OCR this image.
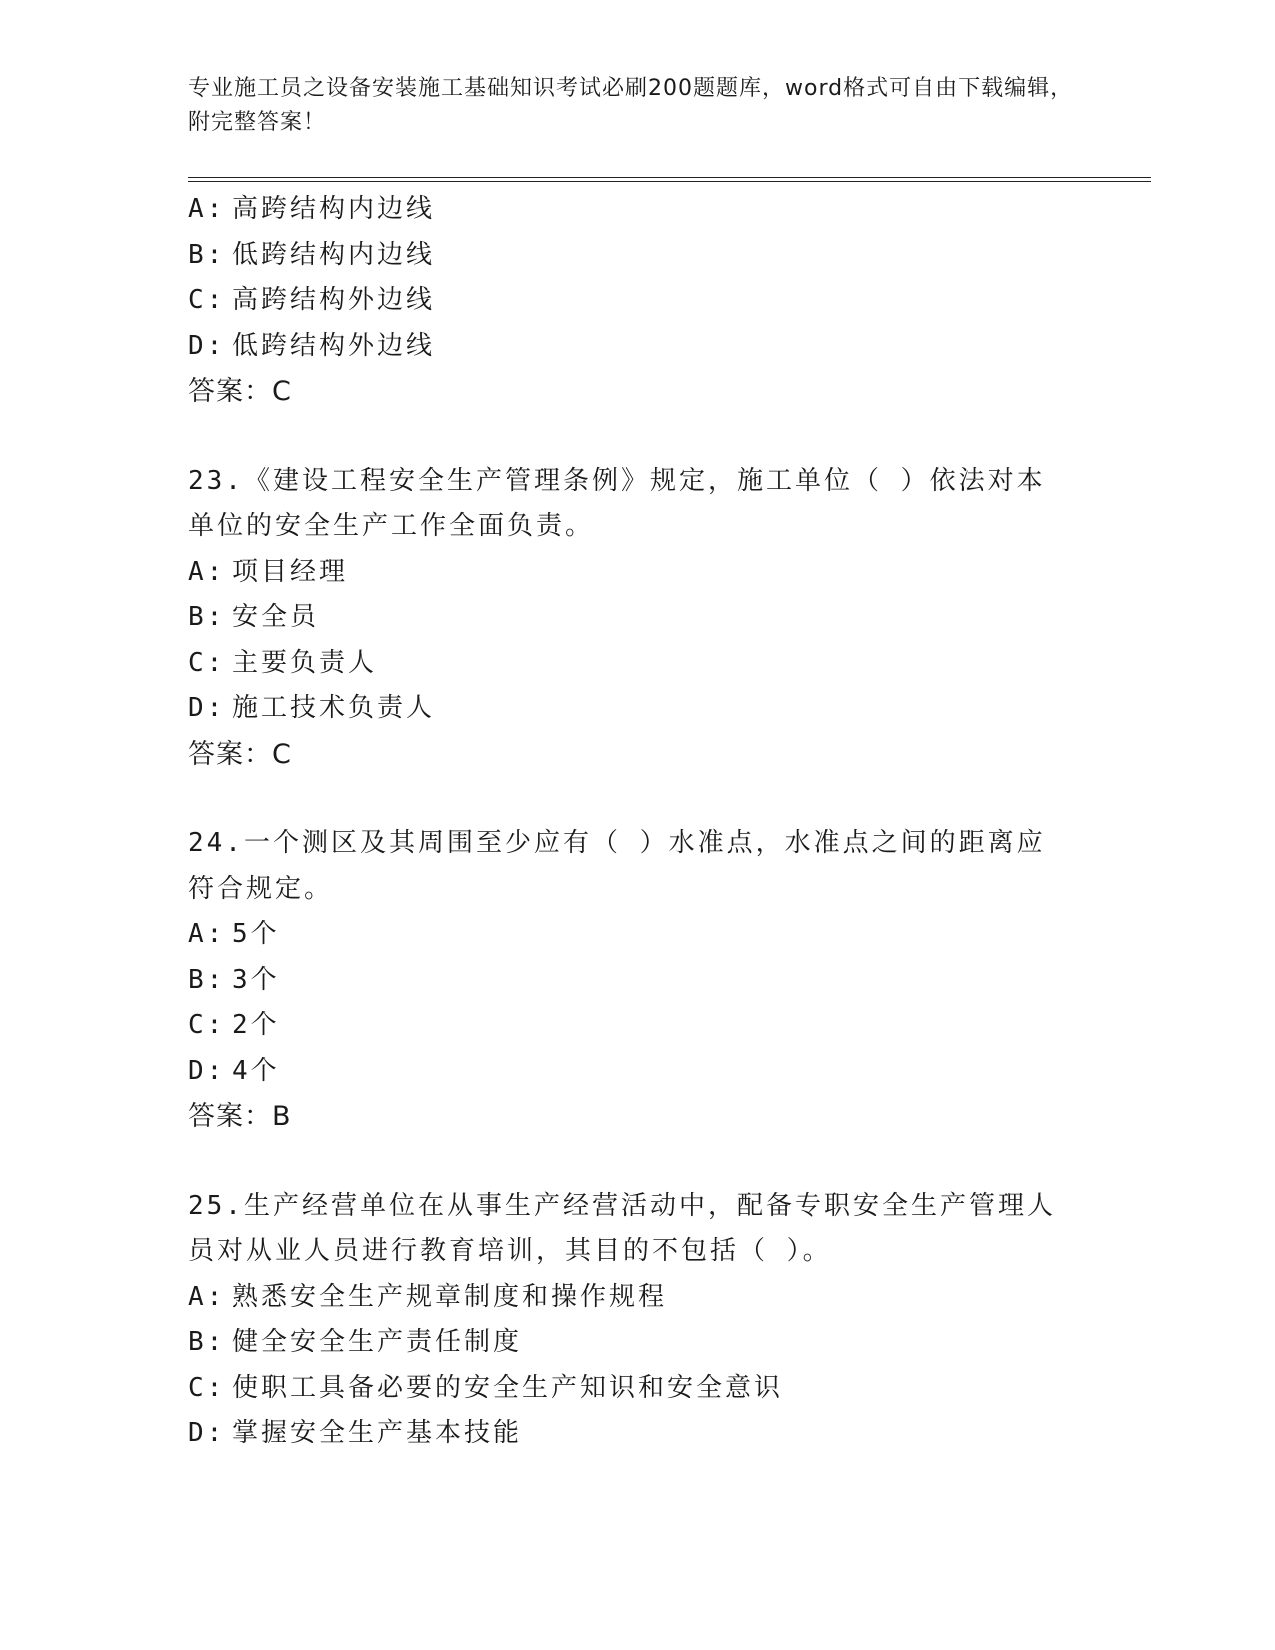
专业施工员之设备安装施工基础知识考试必刷200题题库，word格式可自由下载编辑，附完整答案！
A: 高跨结构内边线
B: 低跨结构内边线
C: 高跨结构外边线
D: 低跨结构外边线
答案：C
23.《建设工程安全生产管理条例》规定，施工单位（ ）依法对本单位的安全生产工作全面负责。
A: 项目经理
B: 安全员
C: 主要负责人
D: 施工技术负责人
答案：C
24.一个测区及其周围至少应有（ ）水准点，水准点之间的距离应符合规定。
A: 5个
B: 3个
C: 2个
D: 4个
答案：B
25.生产经营单位在从事生产经营活动中，配备专职安全生产管理人员对从业人员进行教育培训，其目的不包括（ ）。
A: 熟悉安全生产规章制度和操作规程
B: 健全安全生产责任制度
C: 使职工具备必要的安全生产知识和安全意识
D: 掌握安全生产基本技能
